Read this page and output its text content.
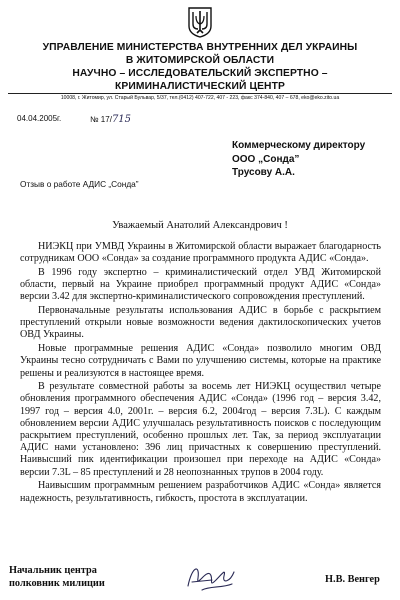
УПРАВЛЕНИЕ МИНИСТЕРСТВА ВНУТРЕННИХ ДЕЛ УКРАИНЫ
В ЖИТОМИРСКОЙ ОБЛАСТИ
НАУЧНО – ИССЛЕДОВАТЕЛЬСКИЙ ЭКСПЕРТНО –
КРИМИНАЛИСТИЧЕСКИЙ ЦЕНТР
10008, г. Житомир, ул. Старый Бульвар, 5/37, тел.(0412) 407-722, 407 - 223, факс 374-840, 407 – 678, eko@eko.zito.ua
04.04.2005г.	№ 17/715
Коммерческому директору
ООО „Сонда”
Трусову А.А.
Отзыв о работе АДИС „Сонда”
Уважаемый Анатолий Александрович !

НИЭКЦ при УМВД Украины в Житомирской области выражает благодарность сотрудникам ООО «Сонда» за создание программного продукта АДИС «Сонда».

В 1996 году экспертно – криминалистический отдел УВД Житомирской области, первый на Украине приобрел программный продукт АДИС «Сонда» версии 3.42 для экспертно-криминалистического сопровождения преступлений.

Первоначальные результаты использования АДИС в борьбе с раскрытием преступлений открыли новые возможности ведения дактилоскопических учетов ОВД Украины.

Новые программные решения АДИС «Сонда» позволило многим ОВД Украины тесно сотрудничать с Вами по улучшению системы, которые на практике решены и реализуются в настоящее время.

В результате совместной работы за восемь лет НИЭКЦ осуществил четыре обновления программного обеспечения АДИС «Сонда» (1996 год – версия 3.42, 1997 год – версия 4.0, 2001г. – версия 6.2, 2004год – версия 7.3L). С каждым обновлением версии АДИС улучшалась результативность поисков с последующим раскрытием преступлений, особенно прошлых лет. Так, за период эксплуатации АДИС нами установлено: 396 лиц причастных к совершению преступлений. Наивысший пик идентификации произошел при переходе на АДИС «Сонда» версии 7.3L – 85 преступлений и 28 неопознанных трупов в 2004 году.

Наивысшим программным решением разработчиков АДИС «Сонда» является надежность, результативность, гибкость, простота в эксплуатации.

Начальник центра
полковник милиции	Н.В. Венгер
